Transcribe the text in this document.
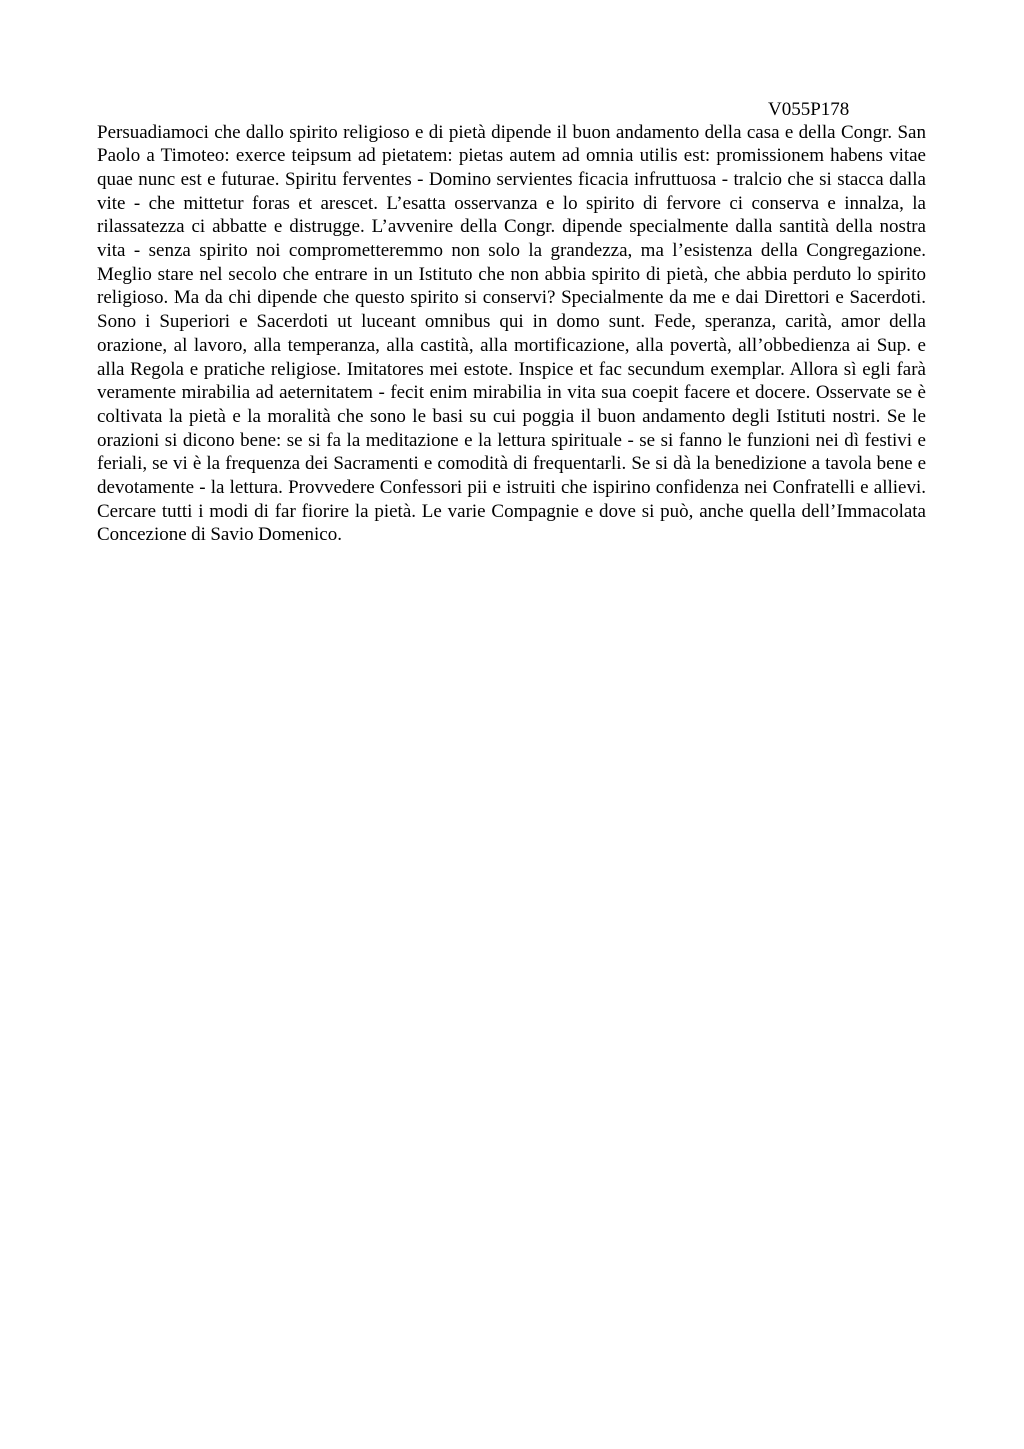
V055P178

Persuadiamoci che dallo spirito religioso e di pietà dipende il buon andamento della casa e della Congr. San Paolo a Timoteo: exerce teipsum ad pietatem: pietas autem ad omnia utilis est: promissionem habens vitae quae nunc est e futurae. Spiritu ferventes - Domino servientes ficacia infruttuosa - tralcio che si stacca dalla vite - che mittetur foras et arescet. L’esatta osservanza e lo spirito di fervore ci conserva e innalza, la rilassatezza ci abbatte e distrugge. L’avvenire della Congr. dipende specialmente dalla santità della nostra vita - senza spirito noi comprometteremmo non solo la grandezza, ma l’esistenza della Congregazione. Meglio stare nel secolo che entrare in un Istituto che non abbia spirito di pietà, che abbia perduto lo spirito religioso. Ma da chi dipende che questo spirito si conservi? Specialmente da me e dai Direttori e Sacerdoti. Sono i Superiori e Sacerdoti ut luceant omnibus qui in domo sunt. Fede, speranza, carità, amor della orazione, al lavoro, alla temperanza, alla castità, alla mortificazione, alla povertà, all’obbedienza ai Sup. e alla Regola e pratiche religiose. Imitatores mei estote. Inspice et fac secundum exemplar. Allora sì egli farà veramente mirabilia ad aeternitatem - fecit enim mirabilia in vita sua coepit facere et docere. Osservate se è coltivata la pietà e la moralità che sono le basi su cui poggia il buon andamento degli Istituti nostri. Se le orazioni si dicono bene: se si fa la meditazione e la lettura spirituale - se si fanno le funzioni nei dì festivi e feriali, se vi è la frequenza dei Sacramenti e comodità di frequentarli. Se si dà la benedizione a tavola bene e devotamente - la lettura. Provvedere Confessori pii e istruiti che ispirino confidenza nei Confratelli e allievi. Cercare tutti i modi di far fiorire la pietà. Le varie Compagnie e dove si può, anche quella dell’Immacolata Concezione di Savio Domenico.
